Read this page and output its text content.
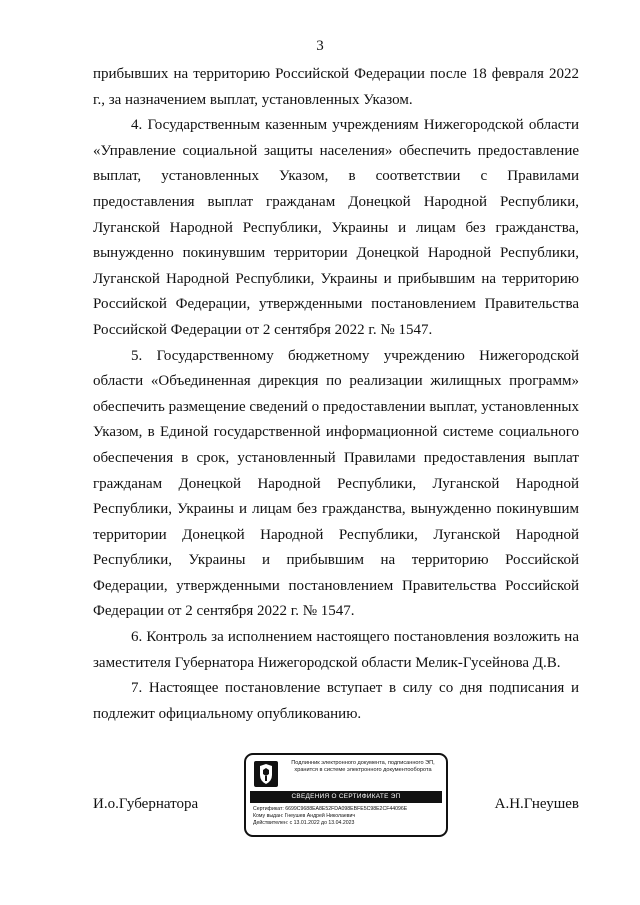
3

прибывших на территорию Российской Федерации после 18 февраля 2022 г., за назначением выплат, установленных Указом.

4. Государственным казенным учреждениям Нижегородской области «Управление социальной защиты населения» обеспечить предоставление выплат, установленных Указом, в соответствии с Правилами предоставления выплат гражданам Донецкой Народной Республики, Луганской Народной Республики, Украины и лицам без гражданства, вынужденно покинувшим территории Донецкой Народной Республики, Луганской Народной Республики, Украины и прибывшим на территорию Российской Федерации, утвержденными постановлением Правительства Российской Федерации от 2 сентября 2022 г. № 1547.

5. Государственному бюджетному учреждению Нижегородской области «Объединенная дирекция по реализации жилищных программ» обеспечить размещение сведений о предоставлении выплат, установленных Указом, в Единой государственной информационной системе социального обеспечения в срок, установленный Правилами предоставления выплат гражданам Донецкой Народной Республики, Луганской Народной Республики, Украины и лицам без гражданства, вынужденно покинувшим территории Донецкой Народной Республики, Луганской Народной Республики, Украины и прибывшим на территорию Российской Федерации, утвержденными постановлением Правительства Российской Федерации от 2 сентября 2022 г. № 1547.

6. Контроль за исполнением настоящего постановления возложить на заместителя Губернатора Нижегородской области Мелик-Гусейнова Д.В.

7. Настоящее постановление вступает в силу со дня подписания и подлежит официальному опубликованию.

И.о.Губернатора	А.Н.Гнеушев
Подлинник электронного документа, подписанного ЭП, хранится в системе электронного документооборота
СВЕДЕНИЯ О СЕРТИФИКАТЕ ЭП
Сертификат: 6699C9688EA8E52FDA098EBFE5C98E2CF44096E
Кому выдан: Гнеушев Андрей Николаевич
Действителен: с 13.01.2022 до 13.04.2023
